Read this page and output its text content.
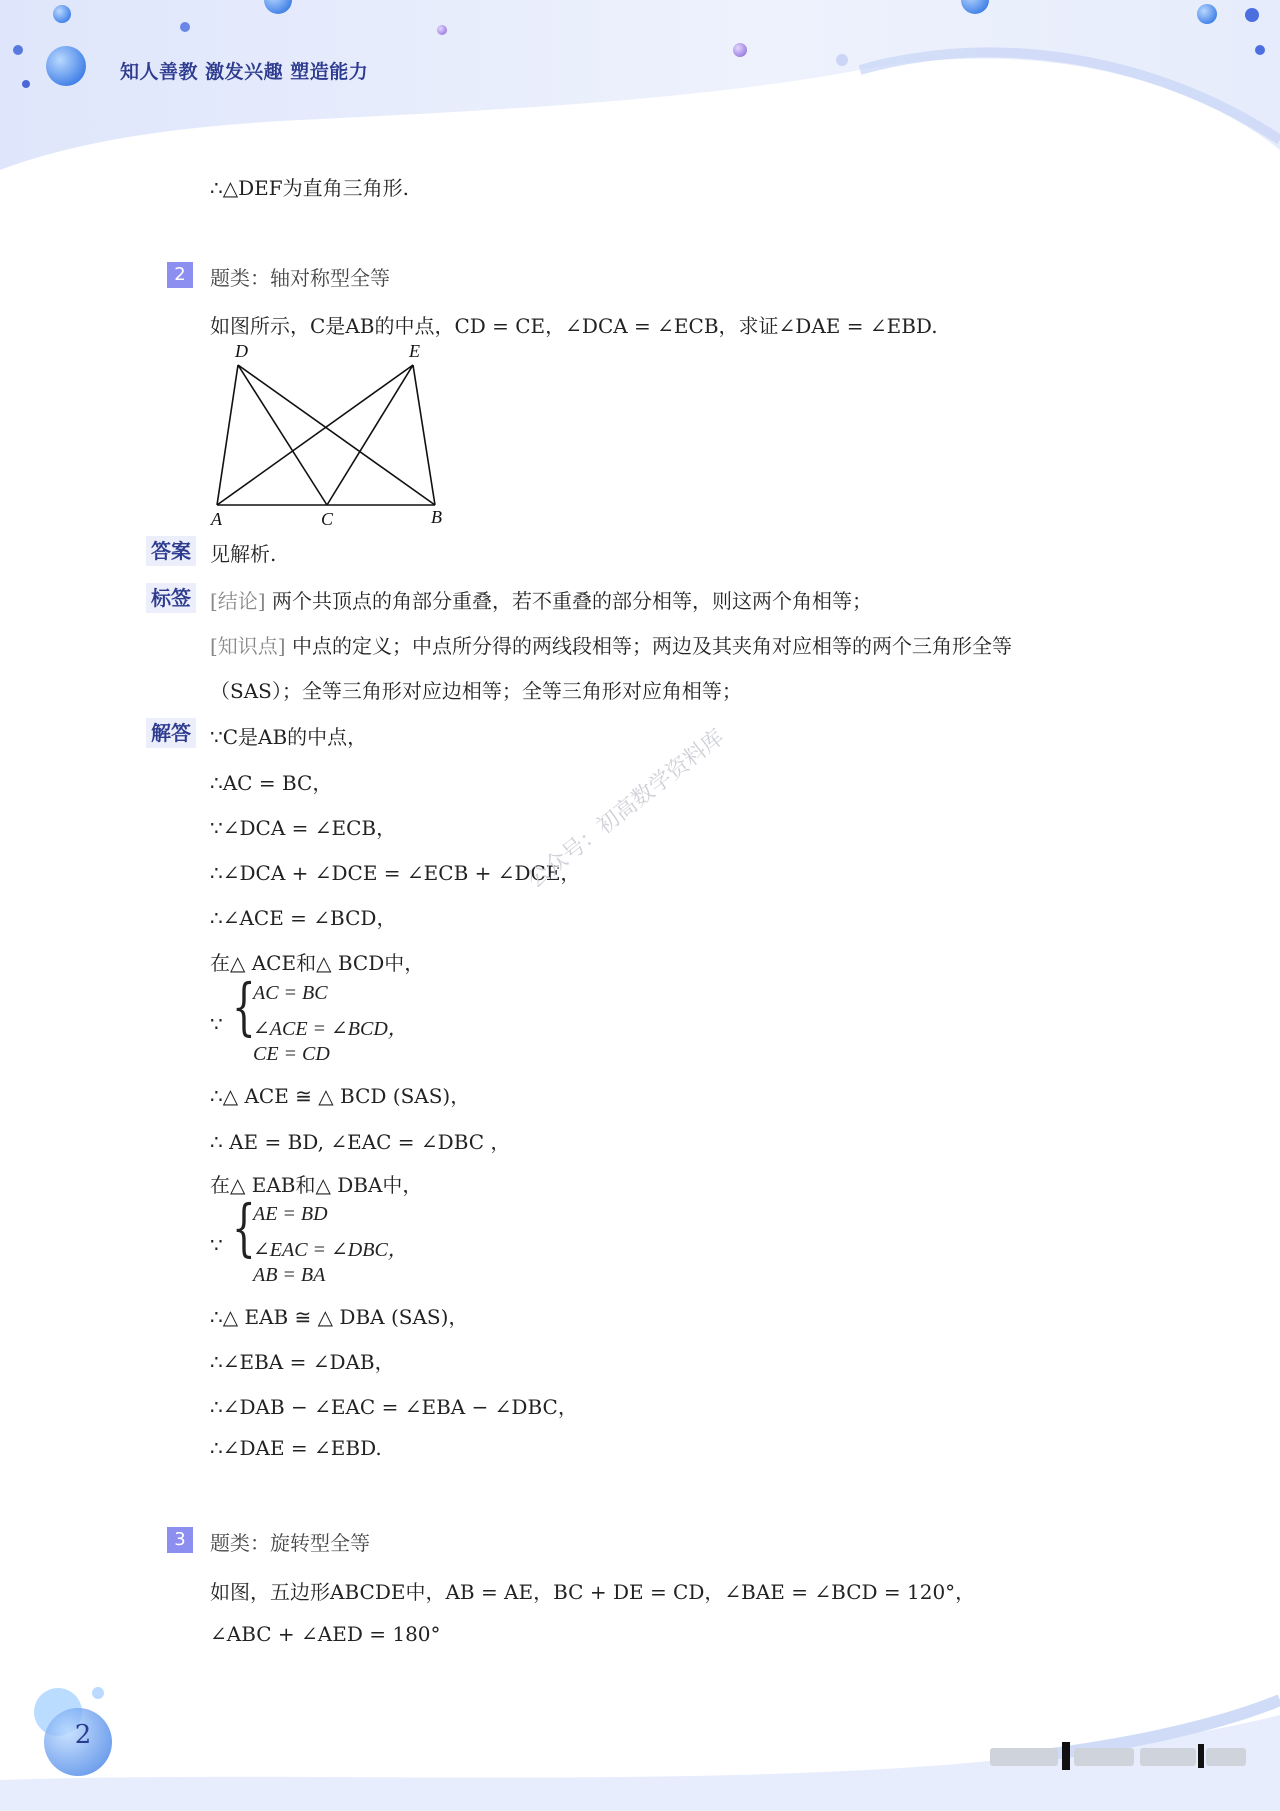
知人善教 激发兴趣 塑造能力
∴△DEF为直角三角形.
2	题类：轴对称型全等
如图所示，C是AB的中点，CD = CE，∠DCA = ∠ECB，求证∠DAE = ∠EBD.
D	E
A	C	B
答案 见解析.
标签 [结论] 两个共顶点的角部分重叠，若不重叠的部分相等，则这两个角相等；
[知识点] 中点的定义；中点所分得的两线段相等；两边及其夹角对应相等的两个三角形全等
（SAS）；全等三角形对应边相等；全等三角形对应角相等；
解答 ∵C是AB的中点，
∴AC = BC，
∵∠DCA = ∠ECB，
∴∠DCA + ∠DCE = ∠ECB + ∠DCE，
∴∠ACE = ∠BCD，
在△ ACE和△ BCD中，
∵ {
AC = BC
∠ACE = ∠BCD，
CE = CD
∴△ ACE ≅ △ BCD (SAS)，
∴ AE = BD, ∠EAC = ∠DBC ，
在△ EAB和△ DBA中，
∵ {
AE = BD
∠EAC = ∠DBC，
AB = BA
∴△ EAB ≅ △ DBA (SAS)，
∴∠EBA = ∠DAB，
∴∠DAB − ∠EAC = ∠EBA − ∠DBC，
∴∠DAE = ∠EBD.
公众号：初高数学资料库
3	题类：旋转型全等
如图，五边形ABCDE中，AB = AE，BC + DE = CD，∠BAE = ∠BCD = 120°，
∠ABC + ∠AED = 180°
2
